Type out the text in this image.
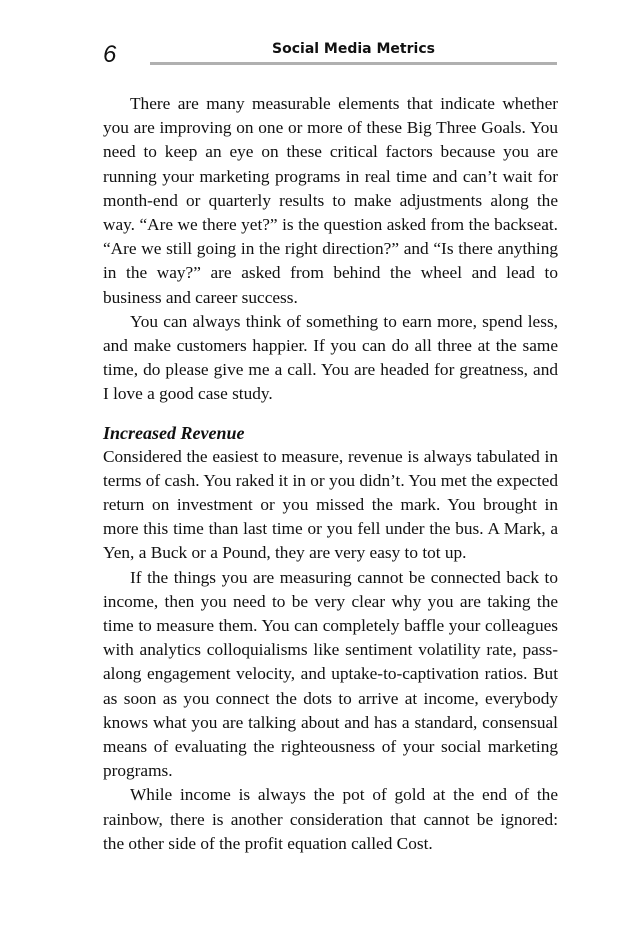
6	Social Media Metrics

There are many measurable elements that indicate whether you are improving on one or more of these Big Three Goals. You need to keep an eye on these critical factors because you are running your marketing programs in real time and can’t wait for month-end or quarterly results to make adjustments along the way. “Are we there yet?” is the question asked from the backseat. “Are we still going in the right direction?” and “Is there anything in the way?” are asked from behind the wheel and lead to business and career success.

You can always think of something to earn more, spend less, and make customers happier. If you can do all three at the same time, do please give me a call. You are headed for greatness, and I love a good case study.

Increased Revenue

Considered the easiest to measure, revenue is always tabulated in terms of cash. You raked it in or you didn’t. You met the expected return on investment or you missed the mark. You brought in more this time than last time or you fell under the bus. A Mark, a Yen, a Buck or a Pound, they are very easy to tot up.

If the things you are measuring cannot be connected back to income, then you need to be very clear why you are taking the time to measure them. You can completely baffle your colleagues with analytics colloquialisms like sentiment volatility rate, pass-along engagement velocity, and uptake-to-captivation ratios. But as soon as you connect the dots to arrive at income, everybody knows what you are talking about and has a standard, consensual means of evaluating the righteousness of your social marketing programs.

While income is always the pot of gold at the end of the rainbow, there is another consideration that cannot be ignored: the other side of the profit equation called Cost.
